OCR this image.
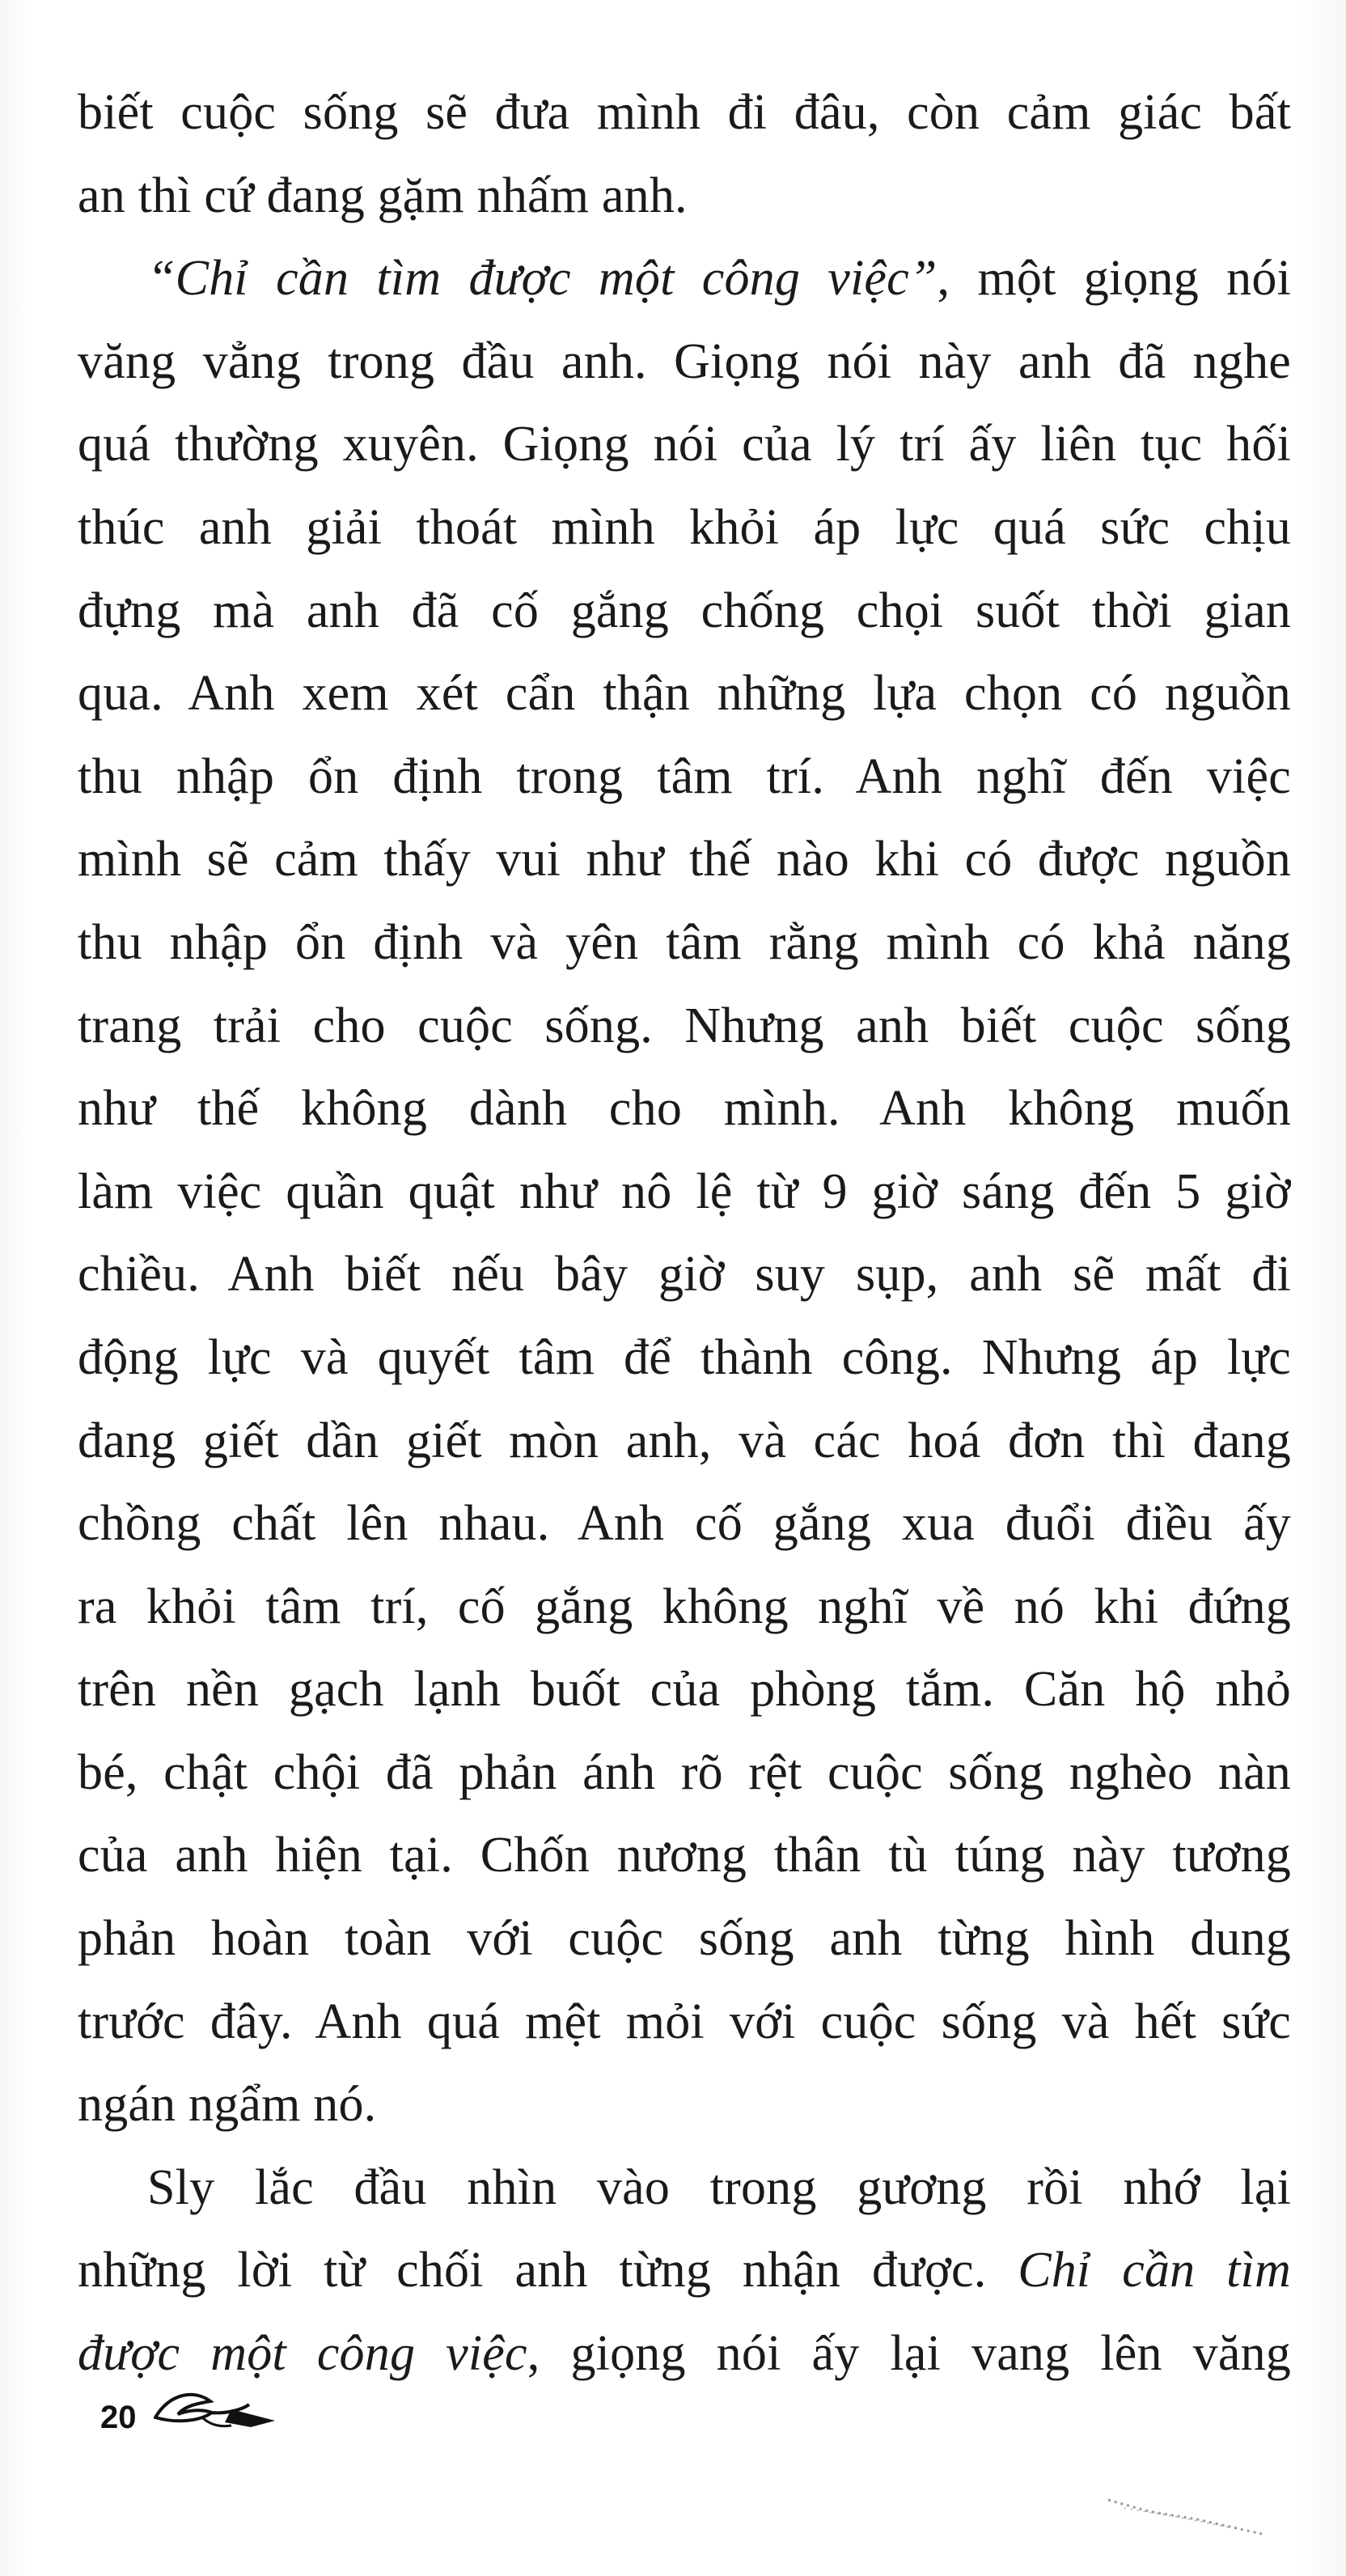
biết cuộc sống sẽ đưa mình đi đâu, còn cảm giác bất
an thì cứ đang gặm nhấm anh.
“Chỉ cần tìm được một công việc”, một giọng nói
văng vẳng trong đầu anh. Giọng nói này anh đã nghe
quá thường xuyên. Giọng nói của lý trí ấy liên tục hối
thúc anh giải thoát mình khỏi áp lực quá sức chịu
đựng mà anh đã cố gắng chống chọi suốt thời gian
qua. Anh xem xét cẩn thận những lựa chọn có nguồn
thu nhập ổn định trong tâm trí. Anh nghĩ đến việc
mình sẽ cảm thấy vui như thế nào khi có được nguồn
thu nhập ổn định và yên tâm rằng mình có khả năng
trang trải cho cuộc sống. Nhưng anh biết cuộc sống
như thế không dành cho mình. Anh không muốn
làm việc quần quật như nô lệ từ 9 giờ sáng đến 5 giờ
chiều. Anh biết nếu bây giờ suy sụp, anh sẽ mất đi
động lực và quyết tâm để thành công. Nhưng áp lực
đang giết dần giết mòn anh, và các hoá đơn thì đang
chồng chất lên nhau. Anh cố gắng xua đuổi điều ấy
ra khỏi tâm trí, cố gắng không nghĩ về nó khi đứng
trên nền gạch lạnh buốt của phòng tắm. Căn hộ nhỏ
bé, chật chội đã phản ánh rõ rệt cuộc sống nghèo nàn
của anh hiện tại. Chốn nương thân tù túng này tương
phản hoàn toàn với cuộc sống anh từng hình dung
trước đây. Anh quá mệt mỏi với cuộc sống và hết sức
ngán ngẩm nó.
Sly lắc đầu nhìn vào trong gương rồi nhớ lại
những lời từ chối anh từng nhận được. Chỉ cần tìm
được một công việc, giọng nói ấy lại vang lên văng
20
